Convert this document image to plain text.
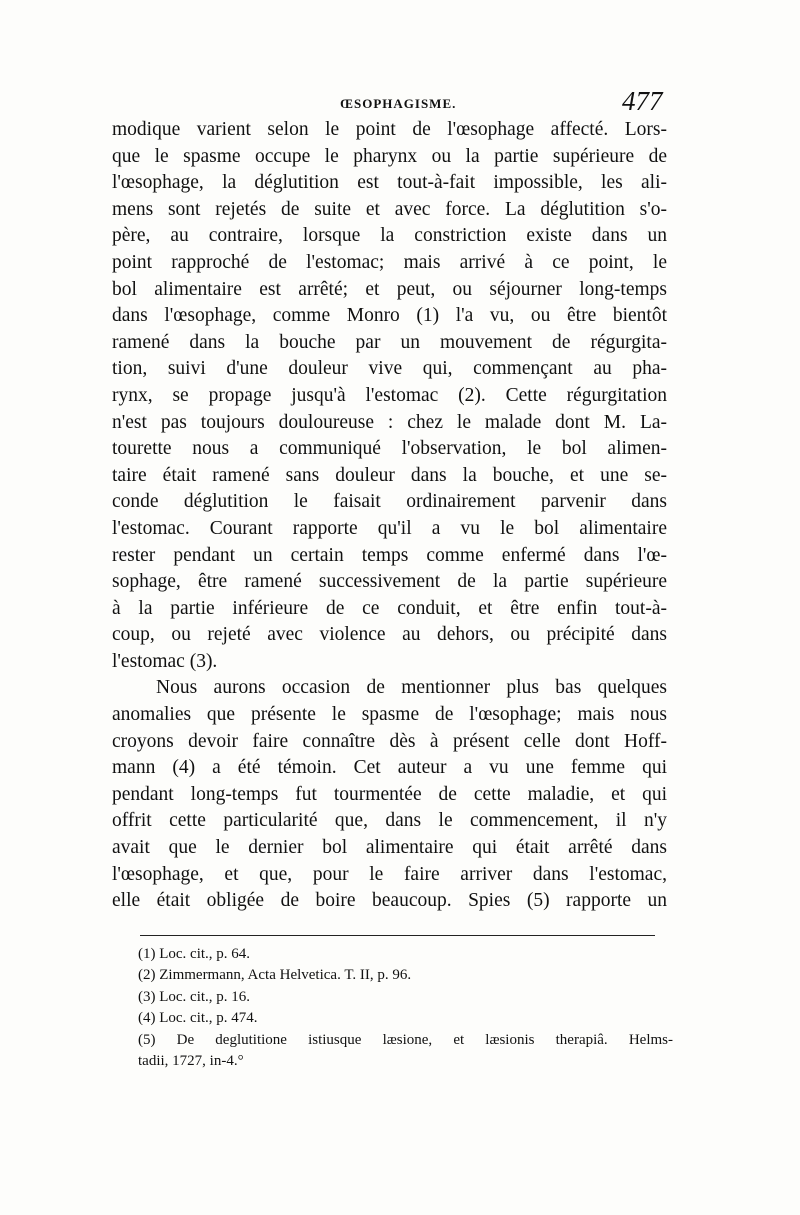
ŒSOPHAGISME.	477
modique varient selon le point de l'œsophage affecté. Lors-
que le spasme occupe le pharynx ou la partie supérieure de
l'œsophage, la déglutition est tout-à-fait impossible, les ali-
mens sont rejetés de suite et avec force. La déglutition s'o-
père, au contraire, lorsque la constriction existe dans un
point rapproché de l'estomac; mais arrivé à ce point, le
bol alimentaire est arrêté; et peut, ou séjourner long-temps
dans l'œsophage, comme Monro (1) l'a vu, ou être bientôt
ramené dans la bouche par un mouvement de régurgita-
tion, suivi d'une douleur vive qui, commençant au pha-
rynx, se propage jusqu'à l'estomac (2). Cette régurgitation
n'est pas toujours douloureuse : chez le malade dont M. La-
tourette nous a communiqué l'observation, le bol alimen-
taire était ramené sans douleur dans la bouche, et une se-
conde déglutition le faisait ordinairement parvenir dans
l'estomac. Courant rapporte qu'il a vu le bol alimentaire
rester pendant un certain temps comme enfermé dans l'œ-
sophage, être ramené successivement de la partie supérieure
à la partie inférieure de ce conduit, et être enfin tout-à-
coup, ou rejeté avec violence au dehors, ou précipité dans
l'estomac (3).
Nous aurons occasion de mentionner plus bas quelques
anomalies que présente le spasme de l'œsophage; mais nous
croyons devoir faire connaître dès à présent celle dont Hoff-
mann (4) a été témoin. Cet auteur a vu une femme qui
pendant long-temps fut tourmentée de cette maladie, et qui
offrit cette particularité que, dans le commencement, il n'y
avait que le dernier bol alimentaire qui était arrêté dans
l'œsophage, et que, pour le faire arriver dans l'estomac,
elle était obligée de boire beaucoup. Spies (5) rapporte un
(1) Loc. cit., p. 64.
(2) Zimmermann, Acta Helvetica. T. II, p. 96.
(3) Loc. cit., p. 16.
(4) Loc. cit., p. 474.
(5) De deglutitione istiusque læsione, et læsionis therapiâ. Helms-
tadii, 1727, in-4.°
